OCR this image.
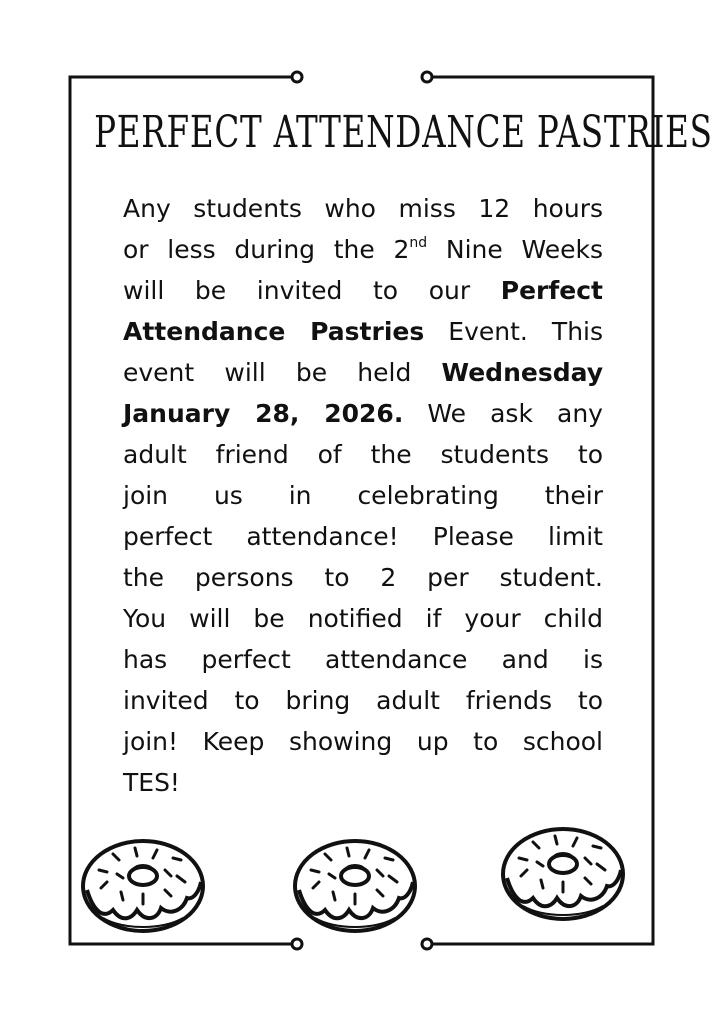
PERFECT ATTENDANCE PASTRIES
Any students who miss 12 hours
or less during the 2nd Nine Weeks
will be invited to our Perfect
Attendance Pastries Event. This
event will be held Wednesday
January 28, 2026. We ask any
adult friend of the students to
join us in celebrating their
perfect attendance! Please limit
the persons to 2 per student.
You will be notified if your child
has perfect attendance and is
invited to bring adult friends to
join! Keep showing up to school
TES!
